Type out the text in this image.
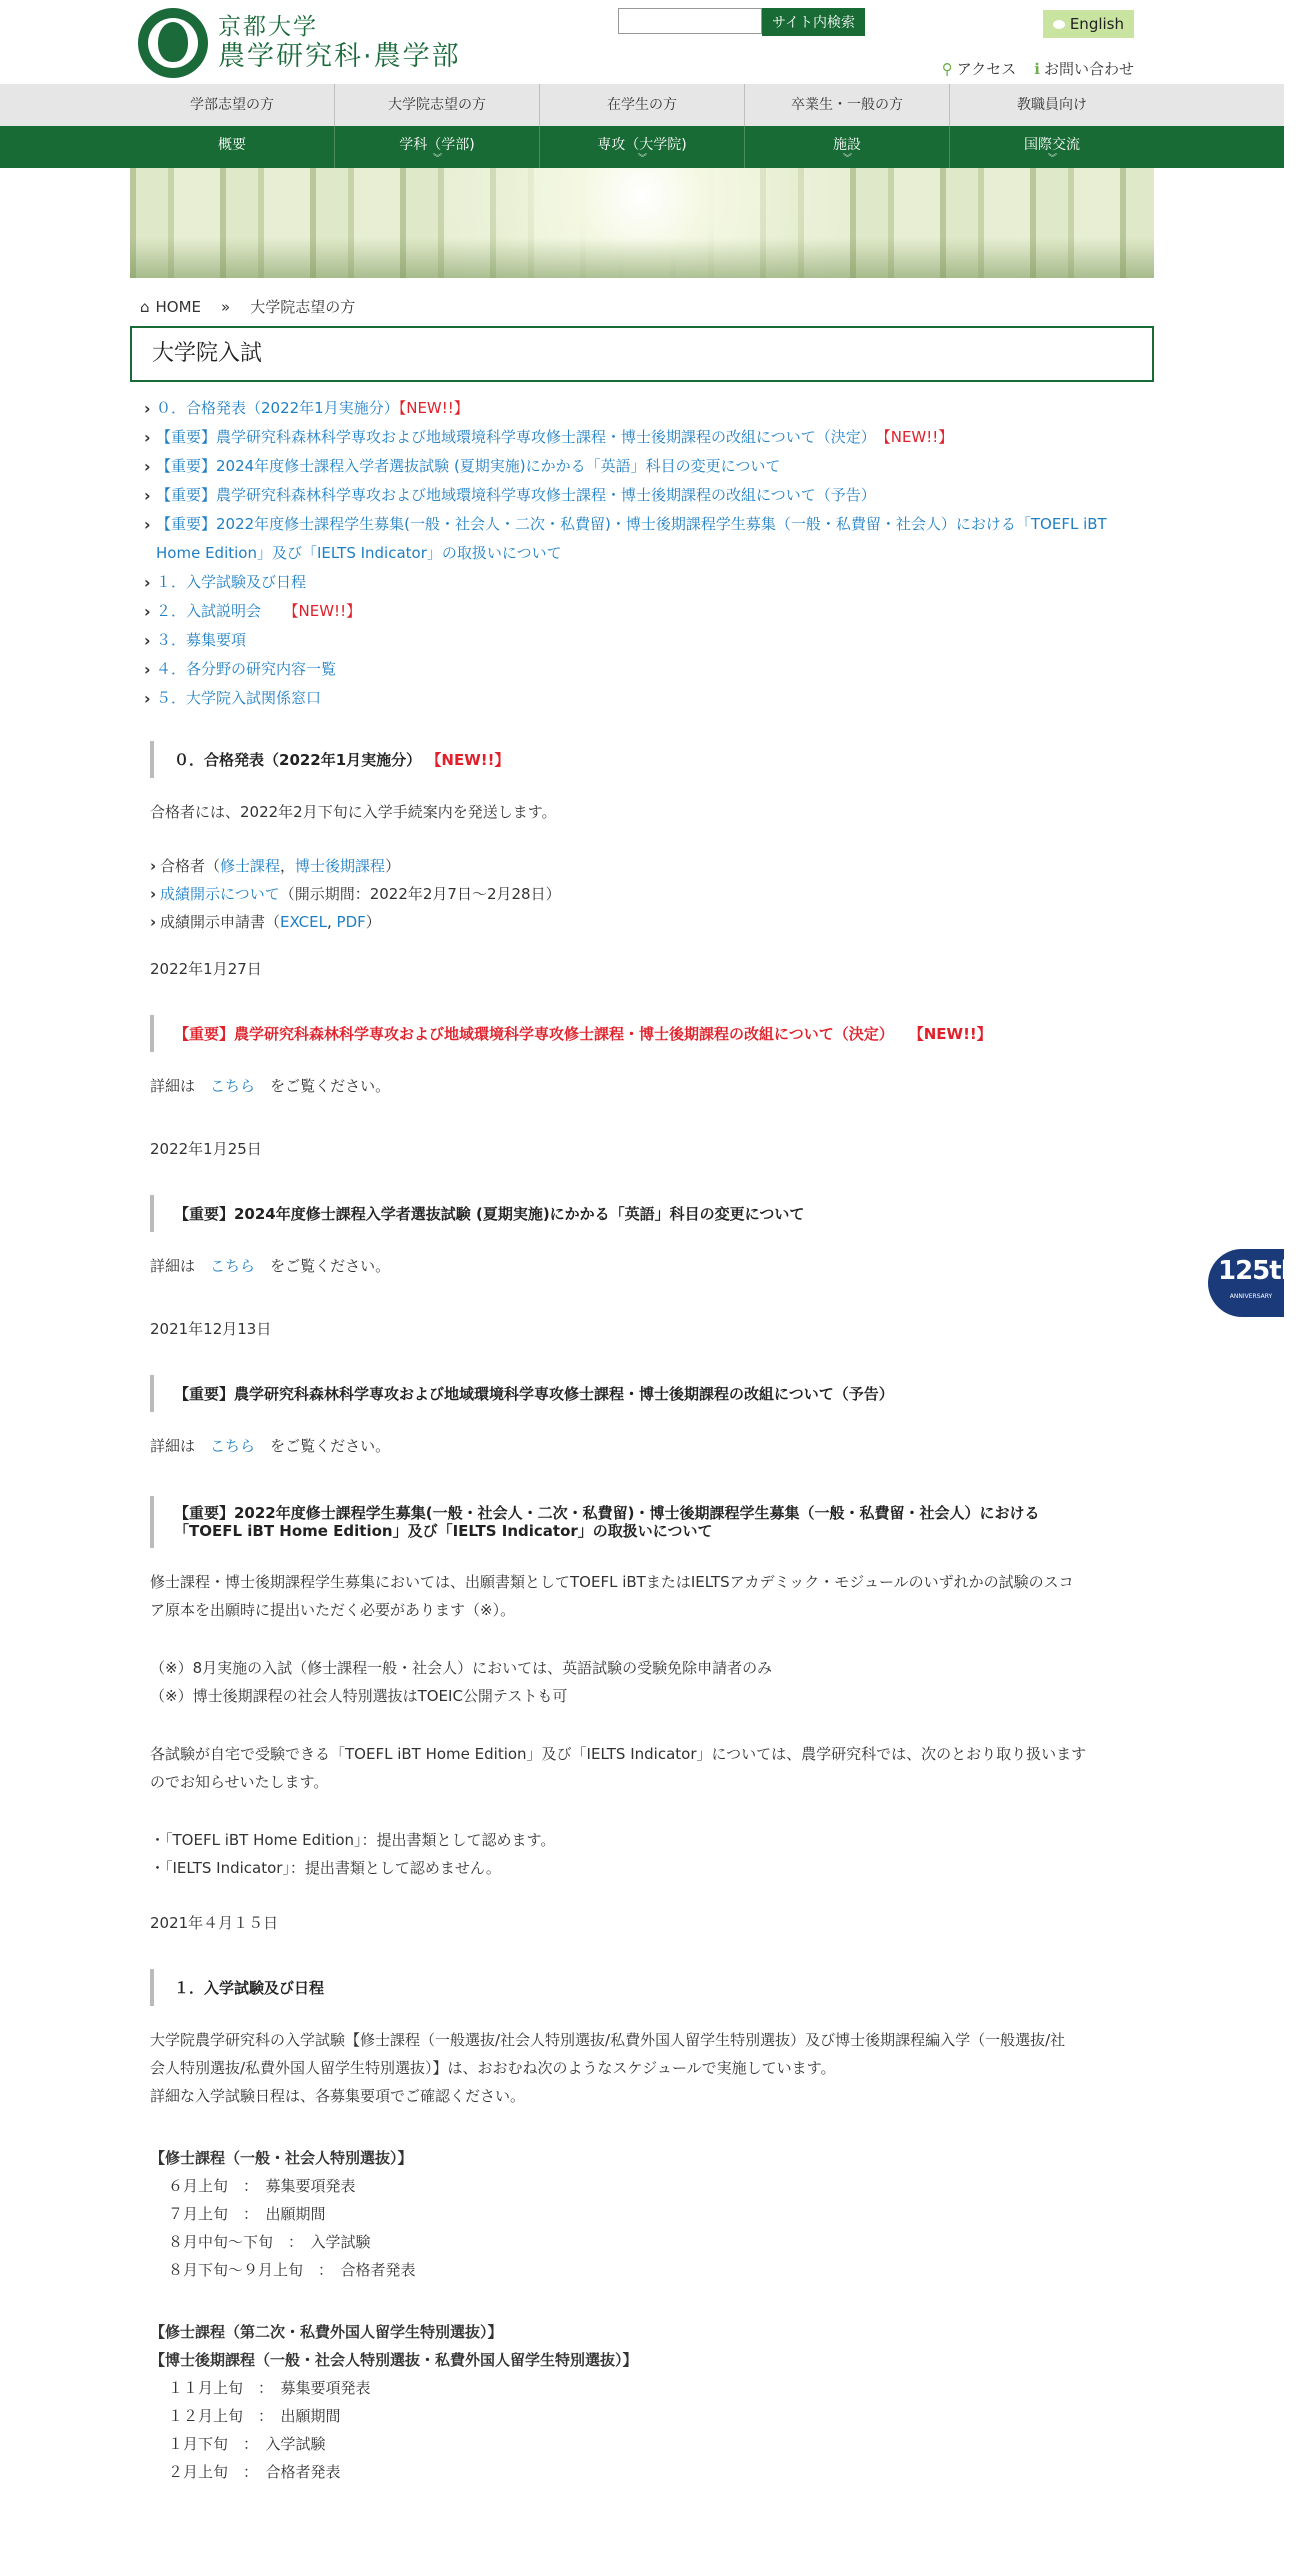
京都大学
農学研究科·農学部
サイト内検索	English
⚲ アクセス ℹ お問い合わせ
学部志望の方	大学院志望の方	在学生の方	卒業生・一般の方	教職員向け
概要	学科（学部)
︾
専攻（大学院)
︾
施設
︾
国際交流
︾
⌂ HOME » 大学院志望の方
大学院入試
› ０．合格発表（2022年1月実施分）【NEW!!】
› 【重要】農学研究科森林科学専攻および地域環境科学専攻修士課程・博士後期課程の改組について（決定）　 【NEW!!】
› 【重要】2024年度修士課程入学者選抜試験 (夏期実施)にかかる「英語」科目の変更について
› 【重要】農学研究科森林科学専攻および地域環境科学専攻修士課程・博士後期課程の改組について（予告）
› 【重要】2022年度修士課程学生募集(一般・社会人・二次・私費留)・博士後期課程学生募集（一般・私費留・社会人）における「TOEFL iBT Home Edition」及び「IELTS Indicator」の取扱いについて
› １．入学試験及び日程
› ２．入試説明会　　 【NEW!!】
› ３．募集要項
› ４．各分野の研究内容一覧
› ５．大学院入試関係窓口
０．合格発表（2022年1月実施分） 【NEW!!】
合格者には、2022年2月下旬に入学手続案内を発送します。
› 合格者（修士課程，博士後期課程）
› 成績開示について（開示期間：2022年2月7日～2月28日）
› 成績開示申請書（EXCEL, PDF）
2022年1月27日
【重要】農学研究科森林科学専攻および地域環境科学専攻修士課程・博士後期課程の改組について（決定）　　 【NEW!!】
詳細は　 こちら　 をご覧ください。
2022年1月25日
【重要】2024年度修士課程入学者選抜試験 (夏期実施)にかかる「英語」科目の変更について
詳細は　 こちら　 をご覧ください。
2021年12月13日
【重要】農学研究科森林科学専攻および地域環境科学専攻修士課程・博士後期課程の改組について（予告）
詳細は　 こちら　 をご覧ください。
【重要】2022年度修士課程学生募集(一般・社会人・二次・私費留)・博士後期課程学生募集（一般・私費留・社会人）における
「TOEFL iBT Home Edition」及び「IELTS Indicator」の取扱いについて
修士課程・博士後期課程学生募集においては、出願書類としてTOEFL iBTまたはIELTSアカデミック・モジュールのいずれかの試験のスコ
ア原本を出願時に提出いただく必要があります（※）。
（※）8月実施の入試（修士課程一般・社会人）においては、英語試験の受験免除申請者のみ
（※）博士後期課程の社会人特別選抜はTOEIC公開テストも可
各試験が自宅で受験できる「TOEFL iBT Home Edition」及び「IELTS Indicator」については、農学研究科では、次のとおり取り扱います
のでお知らせいたします。
・「TOEFL iBT Home Edition」：提出書類として認めます。
・「IELTS Indicator」：提出書類として認めません。
2021年４月１５日
１．入学試験及び日程
大学院農学研究科の入学試験【修士課程（一般選抜/社会人特別選抜/私費外国人留学生特別選抜）及び博士後期課程編入学（一般選抜/社
会人特別選抜/私費外国人留学生特別選抜）】は、おおむね次のようなスケジュールで実施しています。
詳細な入学試験日程は、各募集要項でご確認ください。
【修士課程（一般・社会人特別選抜）】
６月上旬　：　募集要項発表
７月上旬　：　出願期間
８月中旬～下旬　：　入学試験
８月下旬～９月上旬　：　合格者発表
【修士課程（第二次・私費外国人留学生特別選抜）】
【博士後期課程（一般・社会人特別選抜・私費外国人留学生特別選抜）】
１１月上旬　：　募集要項発表
１２月上旬　：　出願期間
１月下旬　：　入学試験
２月上旬　：　合格者発表
125th
ANNIVERSARY
